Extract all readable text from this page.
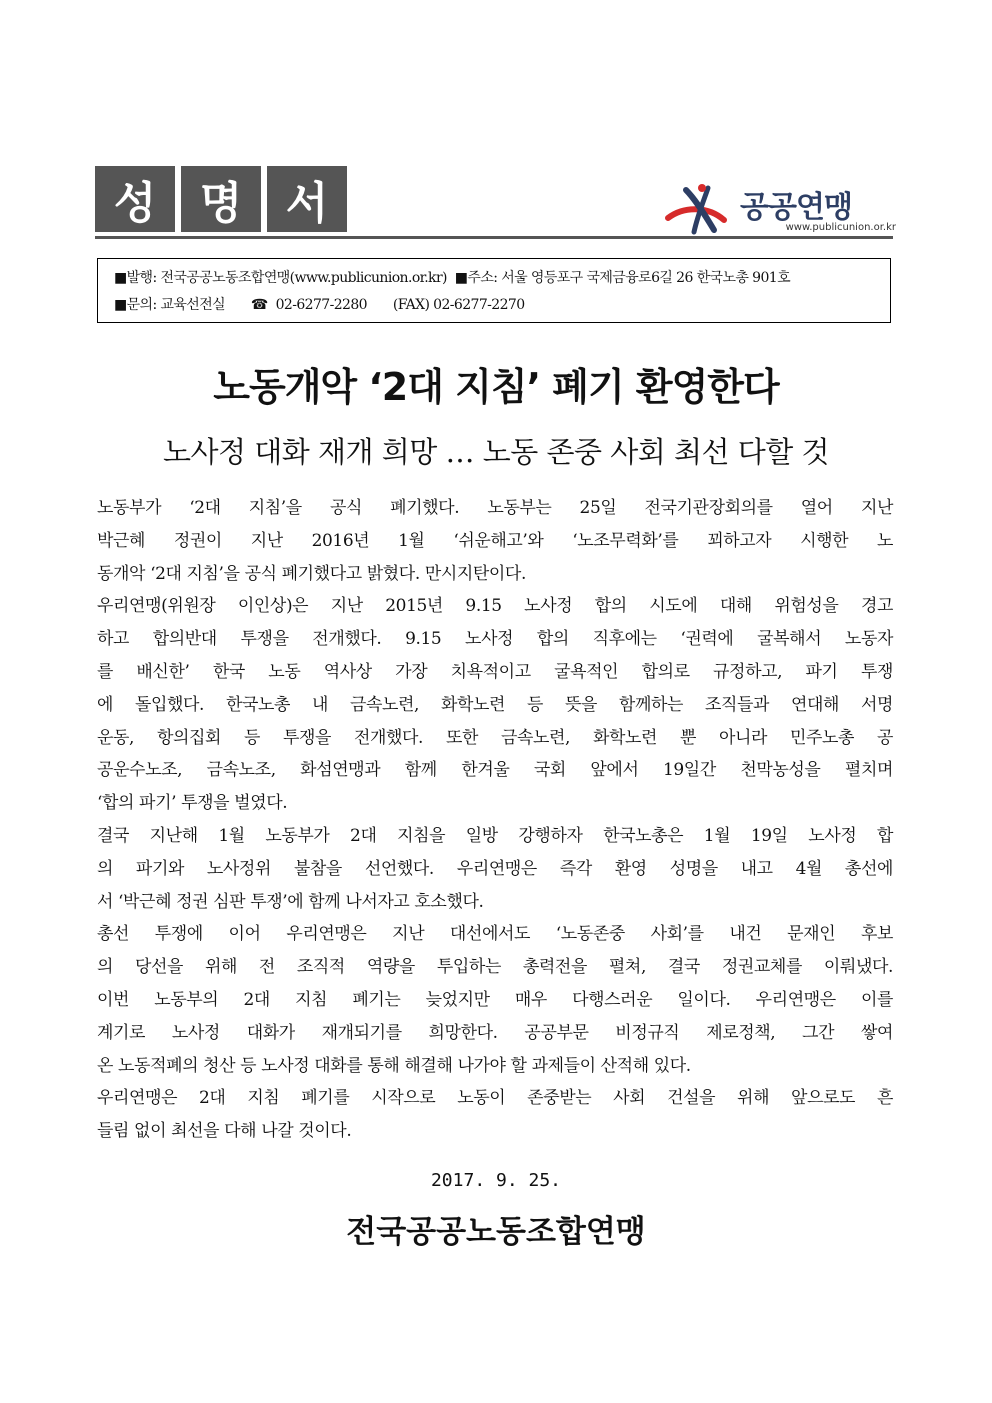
성 명 서	공공연맹
www.publicunion.or.kr
■발행: 전국공공노동조합연맹(www.publicunion.or.kr) ■주소: 서울 영등포구 국제금융로6길 26 한국노총 901호
■문의: 교육선전실 ☎ 02-6277-2280 (FAX) 02-6277-2270
노동개악 ‘2대 지침’ 폐기 환영한다
노사정 대화 재개 희망 … 노동 존중 사회 최선 다할 것
노동부가 ‘2대 지침’을 공식 폐기했다. 노동부는 25일 전국기관장회의를 열어 지난
박근혜 정권이 지난 2016년 1월 ‘쉬운해고’와 ‘노조무력화’를 꾀하고자 시행한 노
동개악 ‘2대 지침’을 공식 폐기했다고 밝혔다. 만시지탄이다.
우리연맹(위원장 이인상)은 지난 2015년 9.15 노사정 합의 시도에 대해 위험성을 경고
하고 합의반대 투쟁을 전개했다. 9.15 노사정 합의 직후에는 ‘권력에 굴복해서 노동자
를 배신한’ 한국 노동 역사상 가장 치욕적이고 굴욕적인 합의로 규정하고, 파기 투쟁
에 돌입했다. 한국노총 내 금속노련, 화학노련 등 뜻을 함께하는 조직들과 연대해 서명
운동, 항의집회 등 투쟁을 전개했다. 또한 금속노련, 화학노련 뿐 아니라 민주노총 공
공운수노조, 금속노조, 화섬연맹과 함께 한겨울 국회 앞에서 19일간 천막농성을 펼치며
‘합의 파기’ 투쟁을 벌였다.
결국 지난해 1월 노동부가 2대 지침을 일방 강행하자 한국노총은 1월 19일 노사정 합
의 파기와 노사정위 불참을 선언했다. 우리연맹은 즉각 환영 성명을 내고 4월 총선에
서 ‘박근혜 정권 심판 투쟁’에 함께 나서자고 호소했다.
총선 투쟁에 이어 우리연맹은 지난 대선에서도 ‘노동존중 사회’를 내건 문재인 후보
의 당선을 위해 전 조직적 역량을 투입하는 총력전을 펼쳐, 결국 정권교체를 이뤄냈다.
이번 노동부의 2대 지침 폐기는 늦었지만 매우 다행스러운 일이다. 우리연맹은 이를
계기로 노사정 대화가 재개되기를 희망한다. 공공부문 비정규직 제로정책, 그간 쌓여
온 노동적폐의 청산 등 노사정 대화를 통해 해결해 나가야 할 과제들이 산적해 있다.
우리연맹은 2대 지침 폐기를 시작으로 노동이 존중받는 사회 건설을 위해 앞으로도 흔
들림 없이 최선을 다해 나갈 것이다.
2017. 9. 25.
전국공공노동조합연맹
